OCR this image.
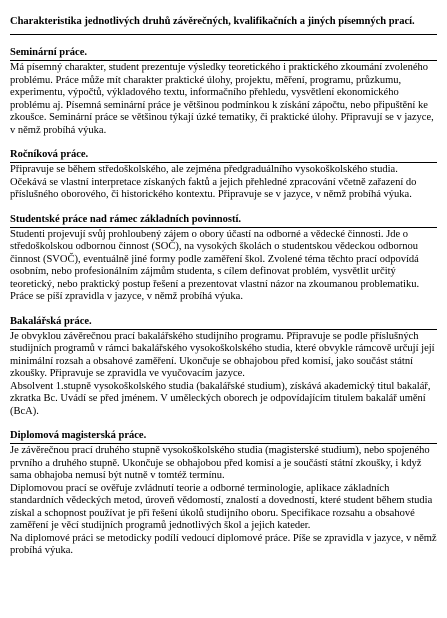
Charakteristika jednotlivých druhů závěrečných, kvalifikačních a jiných písemných prací.
Seminární práce.
Má písemný charakter, student prezentuje výsledky teoretického i praktického zkoumání zvoleného problému. Práce může mít charakter praktické úlohy, projektu, měření, programu, průzkumu, experimentu, výpočtů, výkladového textu, informačního přehledu, vysvětlení ekonomického problému aj. Písemná seminární práce je většinou podmínkou k získání zápočtu, nebo připuštění ke zkoušce. Seminární práce se většinou týkají úzké tematiky, či praktické úlohy. Připravují se v jazyce, v němž probíhá výuka.
Ročníková práce.
Připravuje se během středoškolského, ale zejména předgraduálního vysokoškolského studia. Očekává se vlastní interpretace získaných faktů a jejich přehledné zpracování včetně zařazení do příslušného oborového, či historického kontextu. Připravuje se v jazyce, v němž probíhá výuka.
Studentské práce nad rámec základních povinností.
Studenti projevují svůj prohloubený zájem o obory účastí na odborné a vědecké činnosti. Jde o středoškolskou odbornou činnost (SOČ), na vysokých školách o studentskou vědeckou odbornou činnost (SVOČ), eventuálně jiné formy podle zaměření škol. Zvolené téma těchto prací odpovídá osobním, nebo profesionálním zájmům studenta, s cílem definovat problém, vysvětlit určitý teoretický, nebo praktický postup řešení a prezentovat vlastní názor na zkoumanou problematiku. Práce se píší zpravidla v jazyce, v němž probíhá výuka.
Bakalářská práce.
Je obvyklou závěrečnou prací bakalářského studijního programu. Připravuje se podle příslušných studijních programů v rámci bakalářského vysokoškolského studia, které obvykle rámcově určují její minimální rozsah a obsahové zaměření. Ukončuje se obhajobou před komisí, jako součást státní zkoušky. Připravuje se zpravidla ve vyučovacím jazyce.
Absolvent 1.stupně vysokoškolského studia (bakalářské studium), získává akademický titul bakalář, zkratka Bc. Uvádí se před jménem. V uměleckých oborech je odpovídajícím titulem bakalář umění (BcA).
Diplomová magisterská práce.
Je závěrečnou prací druhého stupně vysokoškolského studia (magisterské studium), nebo spojeného prvního a druhého stupně. Ukončuje se obhajobou před komisí a je součástí státní zkoušky, i když sama obhajoba nemusí být nutně v tomtéž termínu.
Diplomovou prací se ověřuje zvládnutí teorie a odborné terminologie, aplikace základních standardních vědeckých metod, úroveň vědomostí, znalostí a dovedností, které student během studia získal a schopnost používat je při řešení úkolů studijního oboru. Specifikace rozsahu a obsahové zaměření je věcí studijních programů jednotlivých škol a jejich kateder.
Na diplomové práci se metodicky podílí vedoucí diplomové práce. Píše se zpravidla v jazyce, v němž probíhá výuka.
